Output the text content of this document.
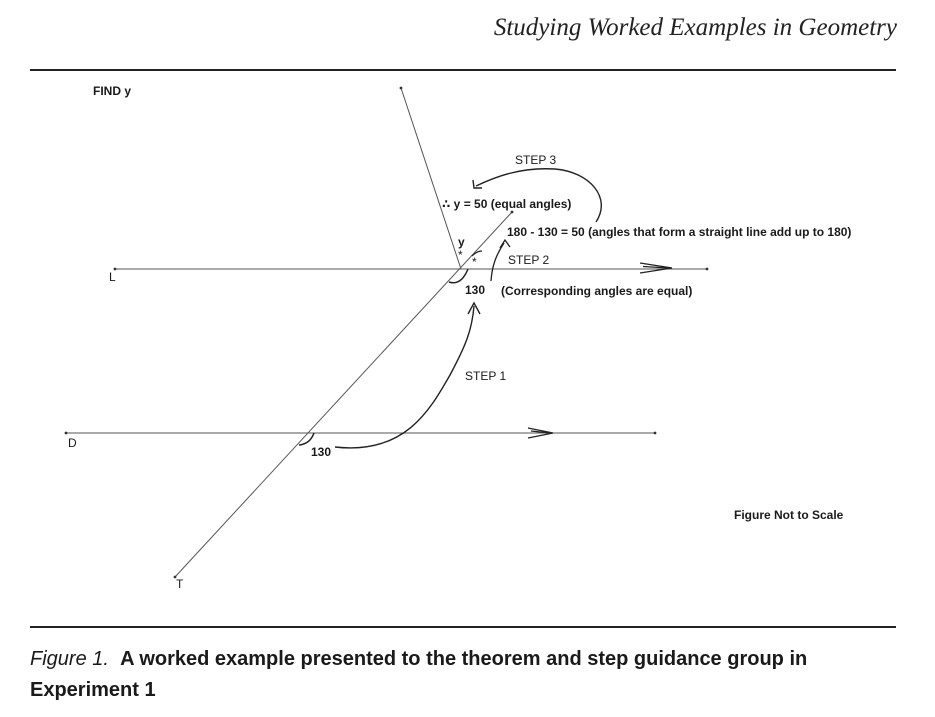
Studying Worked Examples in Geometry
FIND y
L
D
T
y
* *
130
130
(Corresponding angles are equal)
STEP 2
180 - 130 = 50 (angles that form a straight line add up to 180)
STEP 3
∴ y = 50 (equal angles)
STEP 1
Figure Not to Scale
Figure 1. A worked example presented to the theorem and step guidance group in Experiment 1
